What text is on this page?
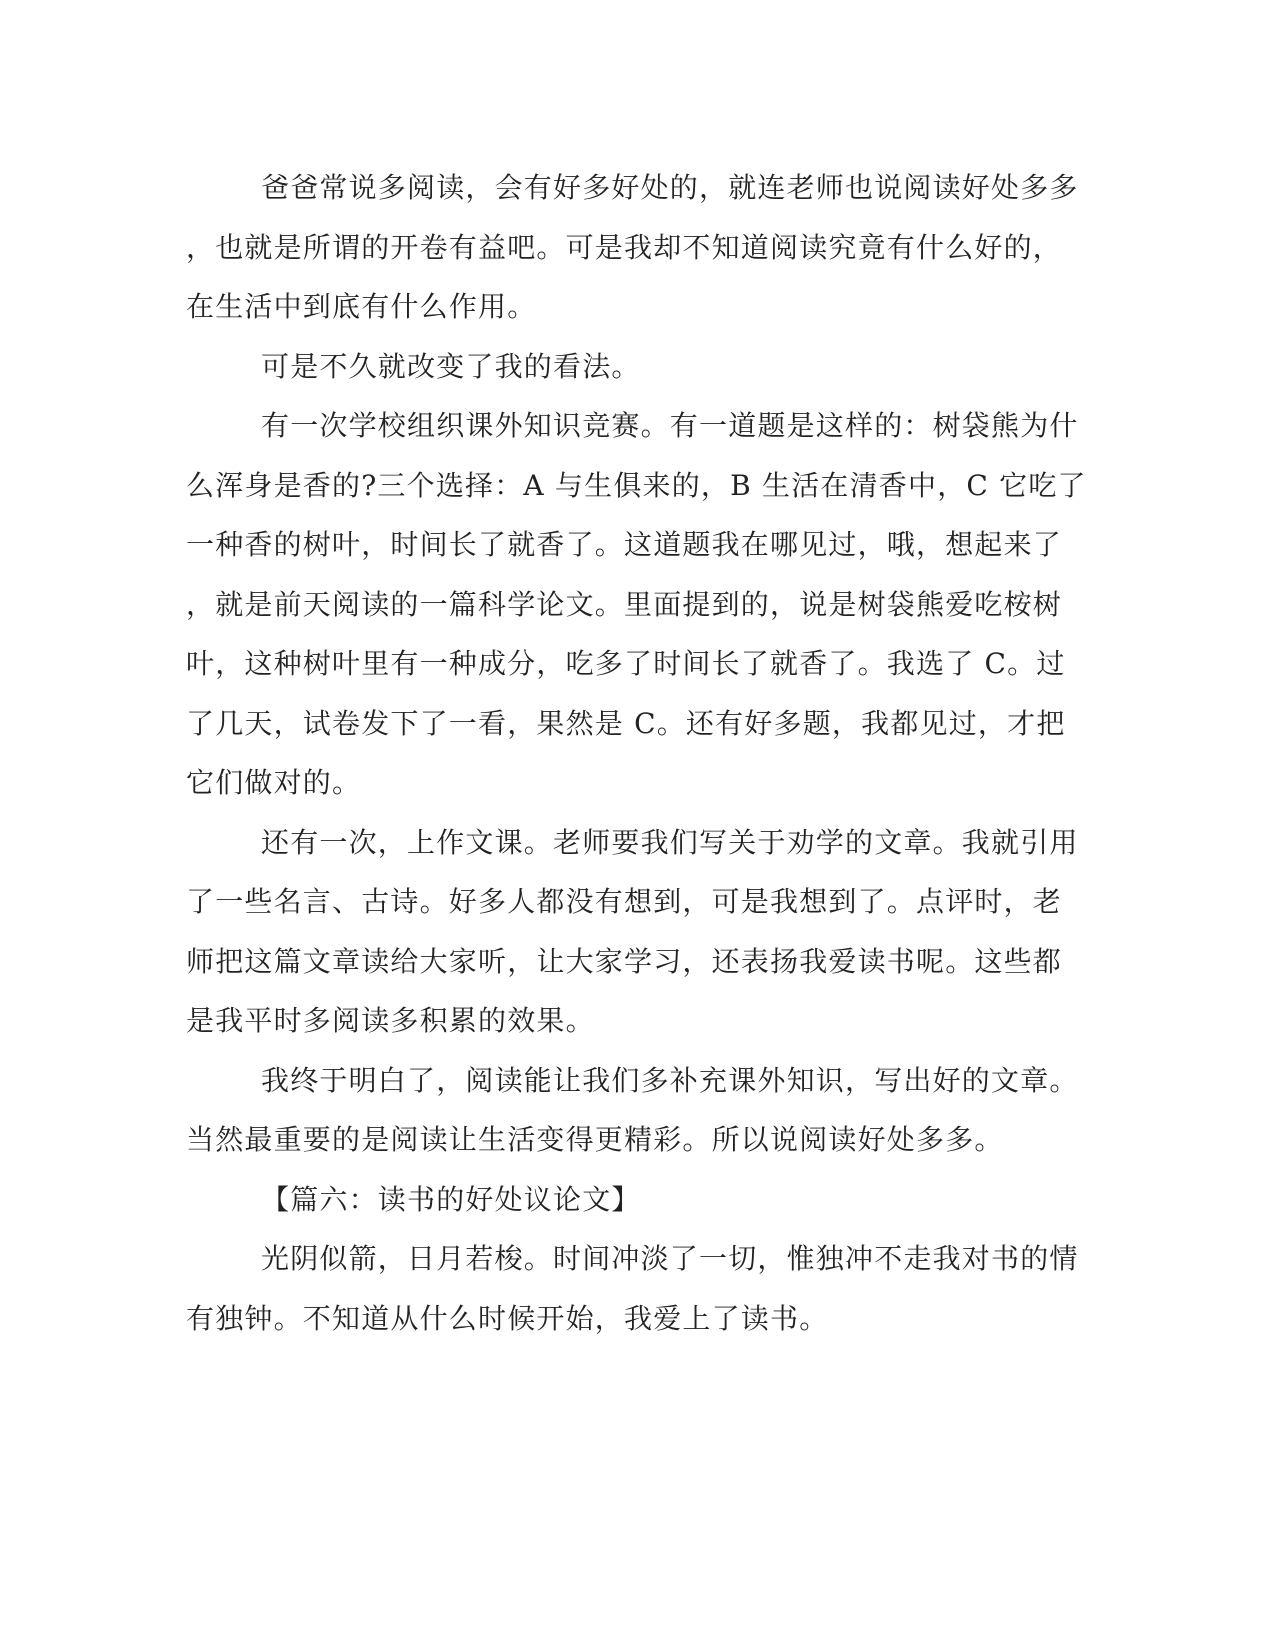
爸爸常说多阅读，会有好多好处的，就连老师也说阅读好处多多
，也就是所谓的开卷有益吧。可是我却不知道阅读究竟有什么好的，
在生活中到底有什么作用。
可是不久就改变了我的看法。
有一次学校组织课外知识竞赛。有一道题是这样的：树袋熊为什
么浑身是香的?三个选择：A 与生俱来的，B 生活在清香中，C 它吃了
一种香的树叶，时间长了就香了。这道题我在哪见过，哦，想起来了
，就是前天阅读的一篇科学论文。里面提到的，说是树袋熊爱吃桉树
叶，这种树叶里有一种成分，吃多了时间长了就香了。我选了 C。过
了几天，试卷发下了一看，果然是 C。还有好多题，我都见过，才把
它们做对的。
还有一次，上作文课。老师要我们写关于劝学的文章。我就引用
了一些名言、古诗。好多人都没有想到，可是我想到了。点评时，老
师把这篇文章读给大家听，让大家学习，还表扬我爱读书呢。这些都
是我平时多阅读多积累的效果。
我终于明白了，阅读能让我们多补充课外知识，写出好的文章。
当然最重要的是阅读让生活变得更精彩。所以说阅读好处多多。
【篇六：读书的好处议论文】
光阴似箭，日月若梭。时间冲淡了一切，惟独冲不走我对书的情
有独钟。不知道从什么时候开始，我爱上了读书。
